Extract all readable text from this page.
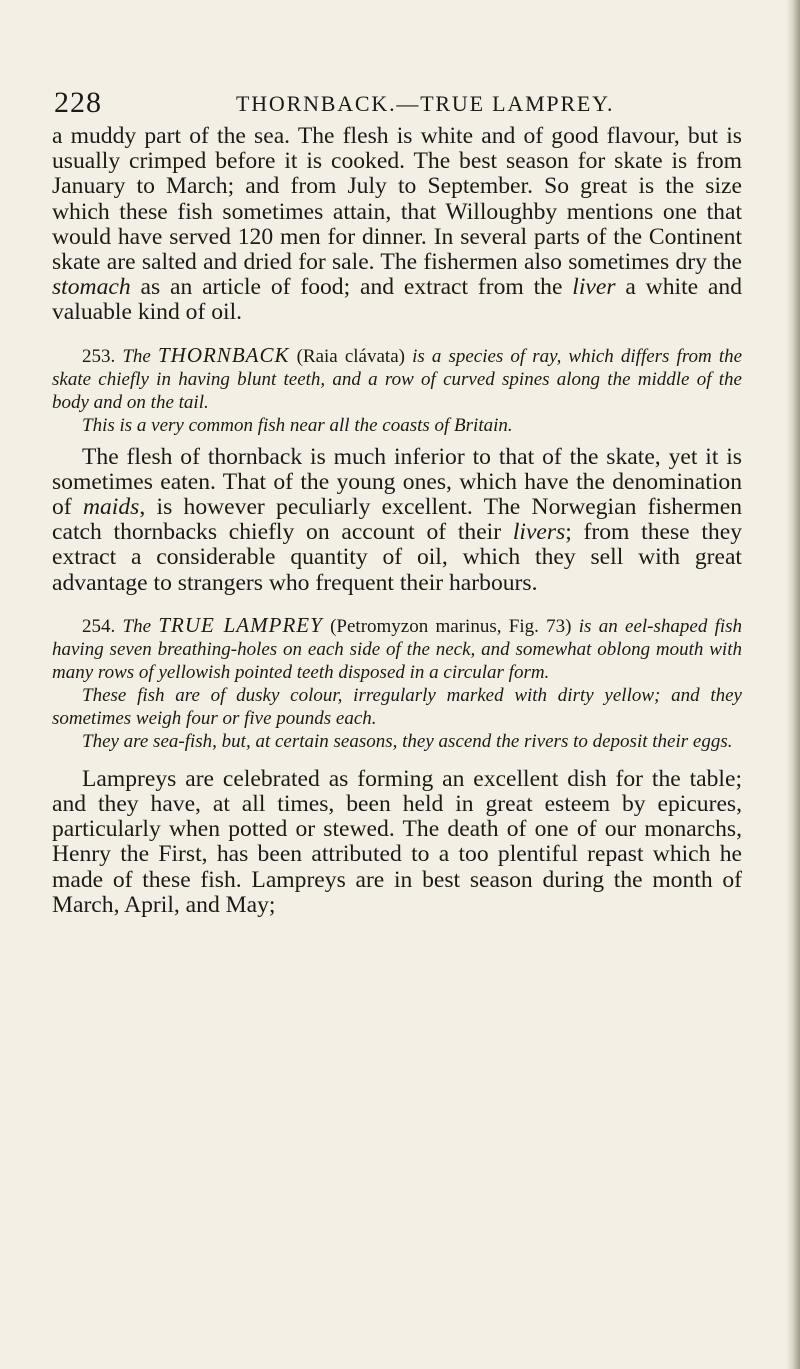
228	THORNBACK.—TRUE LAMPREY.

a muddy part of the sea. The flesh is white and of good flavour, but is usually crimped before it is cooked. The best season for skate is from January to March; and from July to September. So great is the size which these fish sometimes attain, that Willoughby mentions one that would have served 120 men for dinner. In several parts of the Continent skate are salted and dried for sale. The fishermen also sometimes dry the stomach as an article of food; and extract from the liver a white and valuable kind of oil.

253. The THORNBACK (Raia clávata) is a species of ray, which differs from the skate chiefly in having blunt teeth, and a row of curved spines along the middle of the body and on the tail.

This is a very common fish near all the coasts of Britain.

The flesh of thornback is much inferior to that of the skate, yet it is sometimes eaten. That of the young ones, which have the denomination of maids, is however peculiarly excellent. The Norwegian fishermen catch thornbacks chiefly on account of their livers; from these they extract a considerable quantity of oil, which they sell with great advantage to strangers who frequent their harbours.

254. The TRUE LAMPREY (Petromyzon marinus, Fig. 73) is an eel-shaped fish having seven breathing-holes on each side of the neck, and somewhat oblong mouth with many rows of yellowish pointed teeth disposed in a circular form.

These fish are of dusky colour, irregularly marked with dirty yellow; and they sometimes weigh four or five pounds each.

They are sea-fish, but, at certain seasons, they ascend the rivers to deposit their eggs.

Lampreys are celebrated as forming an excellent dish for the table; and they have, at all times, been held in great esteem by epicures, particularly when potted or stewed. The death of one of our monarchs, Henry the First, has been attributed to a too plentiful repast which he made of these fish. Lampreys are in best season during the month of March, April, and May;
